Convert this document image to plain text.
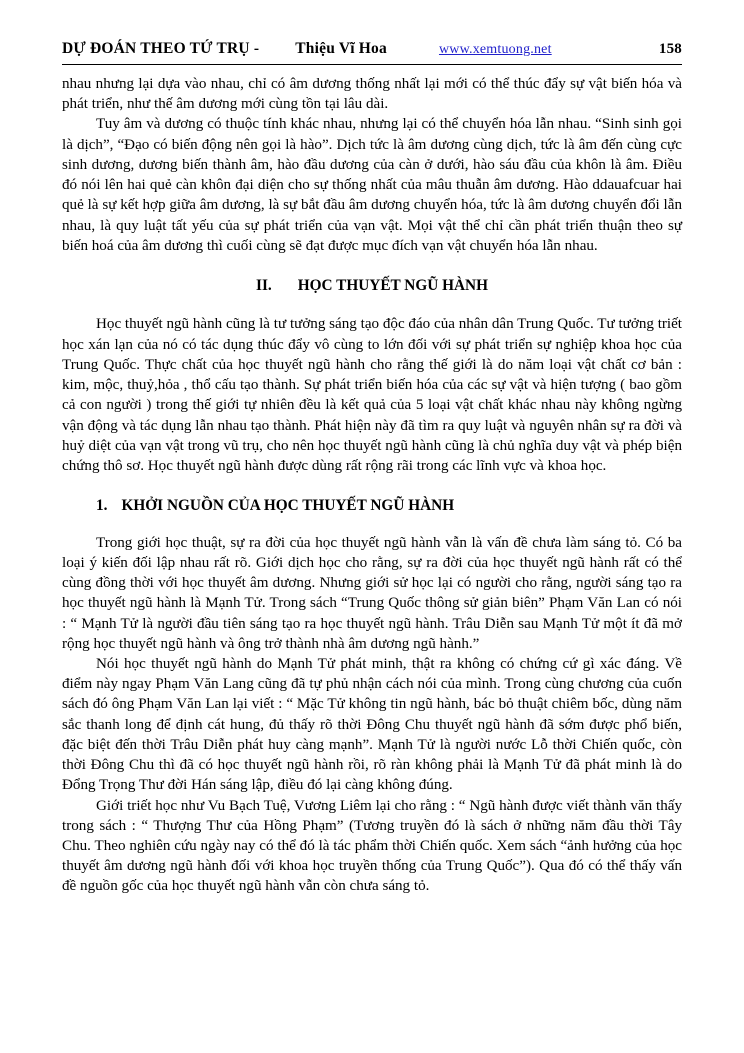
DỰ ĐOÁN THEO TỨ TRỤ - Thiệu Vĩ Hoa	www.xemtuong.net	158

nhau nhưng lại dựa vào nhau, chỉ có âm dương thống nhất lại mới có thể thúc đẩy sự vật biến hóa và phát triển, như thế âm dương mới cùng tồn tại lâu dài.

Tuy âm và dương có thuộc tính khác nhau, nhưng lại có thể chuyển hóa lẫn nhau. “Sinh sinh gọi là dịch”, “Đạo có biến động nên gọi là hào”. Dịch tức là âm dương cùng dịch, tức là âm đến cùng cực sinh dương, dương biến thành âm, hào đầu dương của càn ở dưới, hào sáu đầu của khôn là âm. Điều đó nói lên hai quẻ càn khôn đại diện cho sự thống nhất của mâu thuẫn âm dương. Hào ddauafcuar hai quẻ là sự kết hợp giữa âm dương, là sự bắt đầu âm dương chuyển hóa, tức là âm dương chuyển đổi lẫn nhau, là quy luật tất yếu của sự phát triển của vạn vật. Mọi vật thể chỉ cần phát triển thuận theo sự biến hoá của âm dương thì cuối cùng sẽ đạt được mục đích vạn vật chuyển hóa lẫn nhau.

II. HỌC THUYẾT NGŨ HÀNH

Học thuyết ngũ hành cũng là tư tưởng sáng tạo độc đáo của nhân dân Trung Quốc. Tư tưởng triết học xán lạn của nó có tác dụng thúc đẩy vô cùng to lớn đối với sự phát triển sự nghiệp khoa học của Trung Quốc. Thực chất của học thuyết ngũ hành cho rằng thế giới là do năm loại vật chất cơ bản : kim, mộc, thuỷ,hỏa , thổ cấu tạo thành. Sự phát triển biến hóa của các sự vật và hiện tượng ( bao gồm cả con người ) trong thế giới tự nhiên đều là kết quả của 5 loại vật chất khác nhau này không ngừng vận động và tác dụng lẫn nhau tạo thành. Phát hiện này đã tìm ra quy luật và nguyên nhân sự ra đời và huỷ diệt của vạn vật trong vũ trụ, cho nên học thuyết ngũ hành cũng là chủ nghĩa duy vật và phép biện chứng thô sơ. Học thuyết ngũ hành được dùng rất rộng rãi trong các lĩnh vực và khoa học.

1. KHỞI NGUỒN CỦA HỌC THUYẾT NGŨ HÀNH

Trong giới học thuật, sự ra đời của học thuyết ngũ hành vẫn là vấn đề chưa làm sáng tỏ. Có ba loại ý kiến đối lập nhau rất rõ. Giới dịch học cho rằng, sự ra đời của học thuyết ngũ hành rất có thể cùng đồng thời với học thuyết âm dương. Nhưng giới sử học lại có người cho rằng, người sáng tạo ra học thuyết ngũ hành là Mạnh Tử. Trong sách “Trung Quốc thông sử giản biên” Phạm Văn Lan có nói : “ Mạnh Tử là người đầu tiên sáng tạo ra học thuyết ngũ hành. Trâu Diễn sau Mạnh Tử một ít đã mở rộng học thuyết ngũ hành và ông trở thành nhà âm dương ngũ hành.”

Nói học thuyết ngũ hành do Mạnh Tử phát minh, thật ra không có chứng cứ gì xác đáng. Về điểm này ngay Phạm Văn Lang cũng đã tự phủ nhận cách nói của mình. Trong cùng chương của cuốn sách đó ông Phạm Văn Lan lại viết : “ Mặc Tử không tin ngũ hành, bác bỏ thuật chiêm bốc, dùng năm sắc thanh long để định cát hung, đủ thấy rõ thời Đông Chu thuyết ngũ hành đã sớm được phổ biến, đặc biệt đến thời Trâu Diễn phát huy càng mạnh”. Mạnh Tử là người nước Lỗ thời Chiến quốc, còn thời Đông Chu thì đã có học thuyết ngũ hành rồi, rõ ràn không phải là Mạnh Tử đã phát minh là do Đổng Trọng Thư đời Hán sáng lập, điều đó lại càng không đúng.

Giới triết học như Vu Bạch Tuệ, Vương Liêm lại cho rằng : “ Ngũ hành được viết thành văn thấy trong sách : “ Thượng Thư của Hồng Phạm” (Tương truyền đó là sách ở những năm đầu thời Tây Chu. Theo nghiên cứu ngày nay có thể đó là tác phẩm thời Chiến quốc. Xem sách “ảnh hưởng của học thuyết âm dương ngũ hành đối với khoa học truyền thống của Trung Quốc”). Qua đó có thể thấy vấn đề nguồn gốc của học thuyết ngũ hành vẫn còn chưa sáng tỏ.
